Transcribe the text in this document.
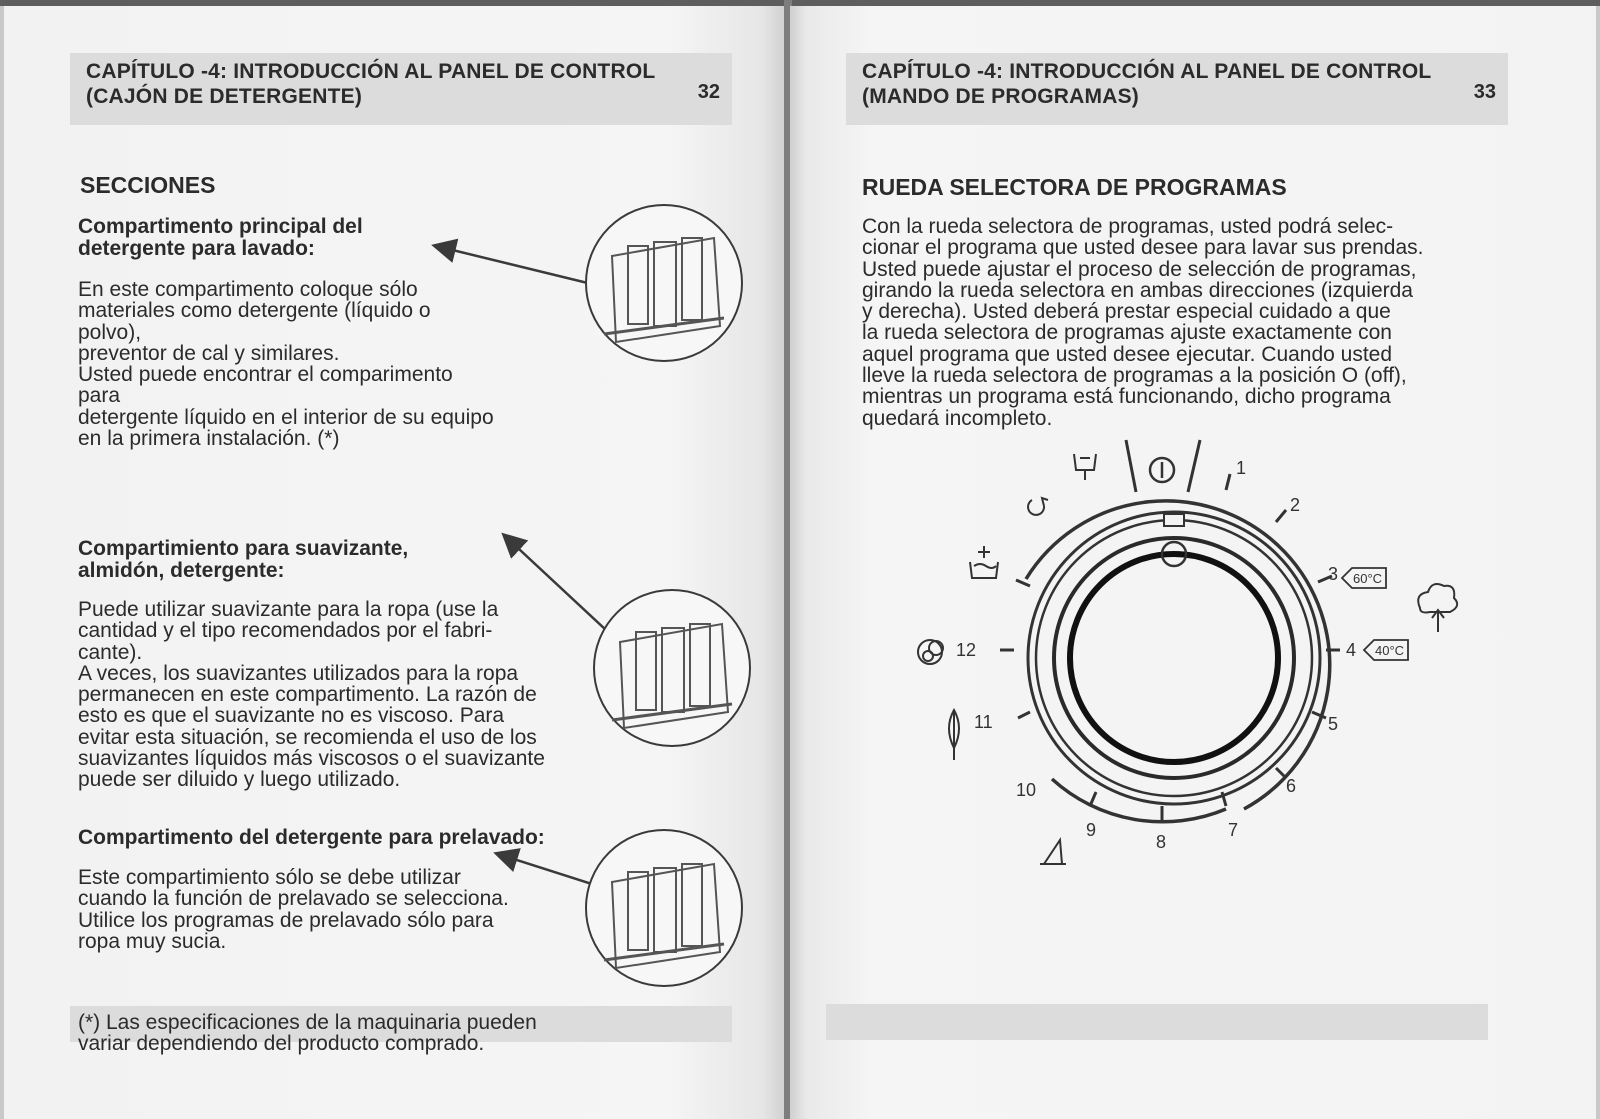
CAPÍTULO -4: INTRODUCCIÓN AL PANEL DE CONTROL
(CAJÓN DE DETERGENTE)	32
SECCIONES
Compartimento principal del
detergente para lavado:
En este compartimento coloque sólo
materiales como detergente (líquido o
polvo),
preventor de cal y similares.
Usted puede encontrar el comparimento
para
detergente líquido en el interior de su equipo
en la primera instalación. (*)
Compartimiento para suavizante,
almidón, detergente:
Puede utilizar suavizante para la ropa (use la
cantidad y el tipo recomendados por el fabri-
cante).
A veces, los suavizantes utilizados para la ropa
permanecen en este compartimento. La razón de
esto es que el suavizante no es viscoso. Para
evitar esta situación, se recomienda el uso de los
suavizantes líquidos más viscosos o el suavizante
puede ser diluido y luego utilizado.
Compartimento del detergente para prelavado:
Este compartimiento sólo se debe utilizar
cuando la función de prelavado se selecciona.
Utilice los programas de prelavado sólo para
ropa muy sucia.
(*) Las especificaciones de la maquinaria pueden
variar dependiendo del producto comprado.
CAPÍTULO -4: INTRODUCCIÓN AL PANEL DE CONTROL
(MANDO DE PROGRAMAS)	33
RUEDA SELECTORA DE PROGRAMAS
Con la rueda selectora de programas, usted podrá selec-
cionar el programa que usted desee para lavar sus prendas.
Usted puede ajustar el proceso de selección de programas,
girando la rueda selectora en ambas direcciones (izquierda
y derecha). Usted deberá prestar especial cuidado a que
la rueda selectora de programas ajuste exactamente con
aquel programa que usted desee ejecutar. Cuando usted
lleve la rueda selectora de programas a la posición O (off),
mientras un programa está funcionando, dicho programa
quedará incompleto.
1
2
3
4
5
6
7
8
9
10
11
12
60°C
40°C
